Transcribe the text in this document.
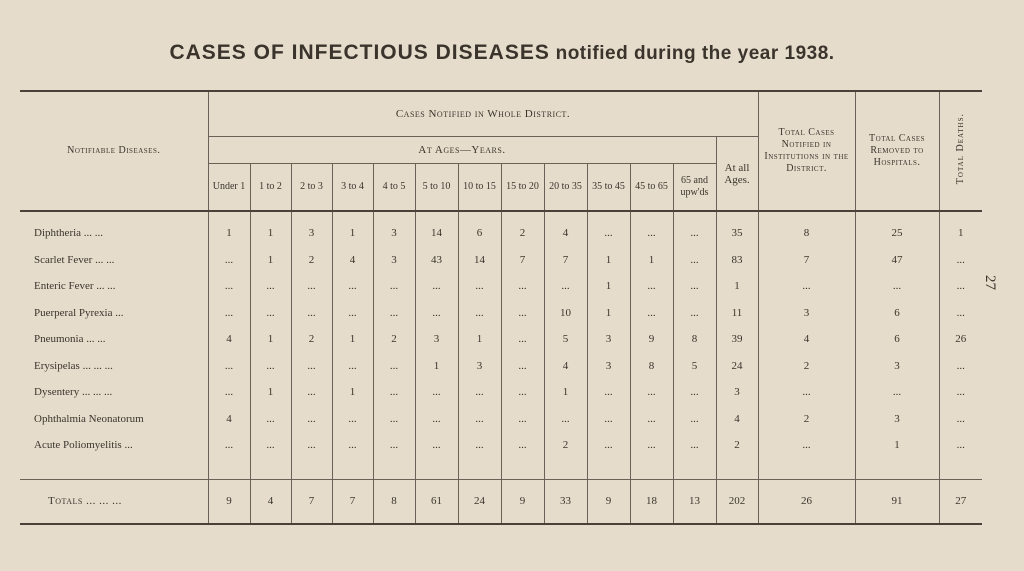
CASES OF INFECTIOUS DISEASES notified during the year 1938.
27
Notifiable Diseases.	Cases Notified in Whole District.													Total Cases Notified in Institutions in the District.	Total Cases Removed to Hospitals.	Total Deaths.
	At Ages—Years.												At all Ages.			
	Under 1	1 to 2	2 to 3	3 to 4	4 to 5	5 to 10	10 to 15	15 to 20	20 to 35	35 to 45	45 to 65	65 and upw'ds				
Diphtheria ... ...	1	1	3	1	3	14	6	2	4	...	...	...	35	8	25	1
Scarlet Fever ... ...	...	1	2	4	3	43	14	7	7	1	1	...	83	7	47	...
Enteric Fever ... ...	...	...	...	...	...	...	...	...	...	1	...	...	1	...	...	...
Puerperal Pyrexia ...	...	...	...	...	...	...	...	...	10	1	...	...	11	3	6	...
Pneumonia ... ...	4	1	2	1	2	3	1	...	5	3	9	8	39	4	6	26
Erysipelas ... ... ...	...	...	...	...	...	1	3	...	4	3	8	5	24	2	3	...
Dysentery ... ... ...	...	1	...	1	...	...	...	...	1	...	...	...	3	...	...	...
Ophthalmia Neonatorum	4	...	...	...	...	...	...	...	...	...	...	...	4	2	3	...
Acute Poliomyelitis ...	...	...	...	...	...	...	...	...	2	...	...	...	2	...	1	...

Totals ... ... ...	9	4	7	7	8	61	24	9	33	9	18	13	202	26	91	27
